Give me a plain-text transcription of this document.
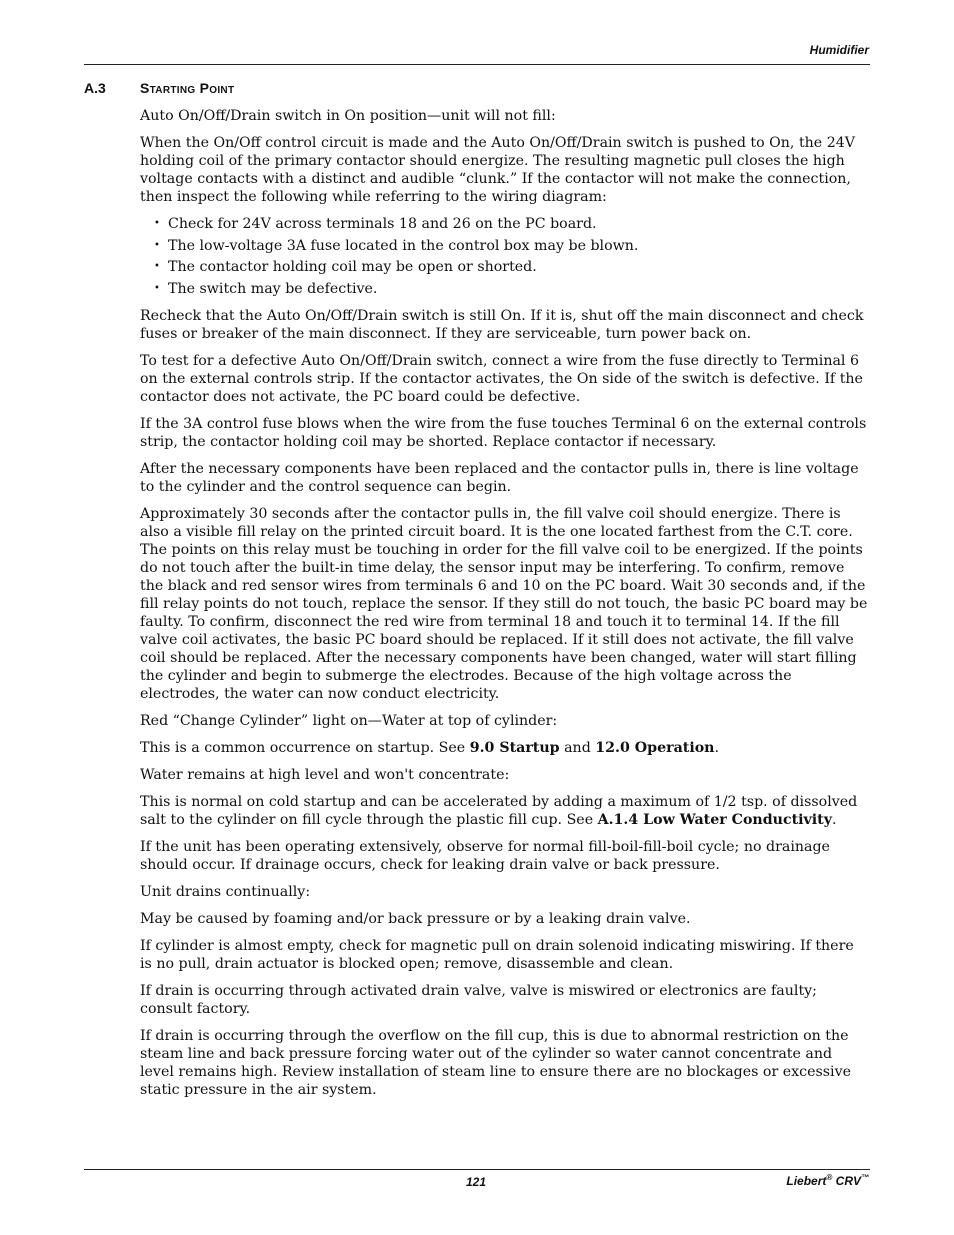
Humidifier
A.3 Starting Point

Auto On/Off/Drain switch in On position—unit will not fill:

When the On/Off control circuit is made and the Auto On/Off/Drain switch is pushed to On, the 24V holding coil of the primary contactor should energize. The resulting magnetic pull closes the high voltage contacts with a distinct and audible “clunk.” If the contactor will not make the connection, then inspect the following while referring to the wiring diagram:

• Check for 24V across terminals 18 and 26 on the PC board.
• The low-voltage 3A fuse located in the control box may be blown.
• The contactor holding coil may be open or shorted.
• The switch may be defective.

Recheck that the Auto On/Off/Drain switch is still On. If it is, shut off the main disconnect and check fuses or breaker of the main disconnect. If they are serviceable, turn power back on.

To test for a defective Auto On/Off/Drain switch, connect a wire from the fuse directly to Terminal 6 on the external controls strip. If the contactor activates, the On side of the switch is defective. If the contactor does not activate, the PC board could be defective.

If the 3A control fuse blows when the wire from the fuse touches Terminal 6 on the external controls strip, the contactor holding coil may be shorted. Replace contactor if necessary.

After the necessary components have been replaced and the contactor pulls in, there is line voltage to the cylinder and the control sequence can begin.

Approximately 30 seconds after the contactor pulls in, the fill valve coil should energize. There is also a visible fill relay on the printed circuit board. It is the one located farthest from the C.T. core. The points on this relay must be touching in order for the fill valve coil to be energized. If the points do not touch after the built-in time delay, the sensor input may be interfering. To confirm, remove the black and red sensor wires from terminals 6 and 10 on the PC board. Wait 30 seconds and, if the fill relay points do not touch, replace the sensor. If they still do not touch, the basic PC board may be faulty. To confirm, disconnect the red wire from terminal 18 and touch it to terminal 14. If the fill valve coil activates, the basic PC board should be replaced. If it still does not activate, the fill valve coil should be replaced. After the necessary components have been changed, water will start filling the cylinder and begin to submerge the electrodes. Because of the high voltage across the electrodes, the water can now conduct electricity.

Red “Change Cylinder” light on—Water at top of cylinder:

This is a common occurrence on startup. See 9.0 Startup and 12.0 Operation.

Water remains at high level and won't concentrate:

This is normal on cold startup and can be accelerated by adding a maximum of 1/2 tsp. of dissolved salt to the cylinder on fill cycle through the plastic fill cup. See A.1.4 Low Water Conductivity.

If the unit has been operating extensively, observe for normal fill-boil-fill-boil cycle; no drainage should occur. If drainage occurs, check for leaking drain valve or back pressure.

Unit drains continually:

May be caused by foaming and/or back pressure or by a leaking drain valve.

If cylinder is almost empty, check for magnetic pull on drain solenoid indicating miswiring. If there is no pull, drain actuator is blocked open; remove, disassemble and clean.

If drain is occurring through activated drain valve, valve is miswired or electronics are faulty; consult factory.

If drain is occurring through the overflow on the fill cup, this is due to abnormal restriction on the steam line and back pressure forcing water out of the cylinder so water cannot concentrate and level remains high. Review installation of steam line to ensure there are no blockages or excessive static pressure in the air system.

121	Liebert® CRV™
